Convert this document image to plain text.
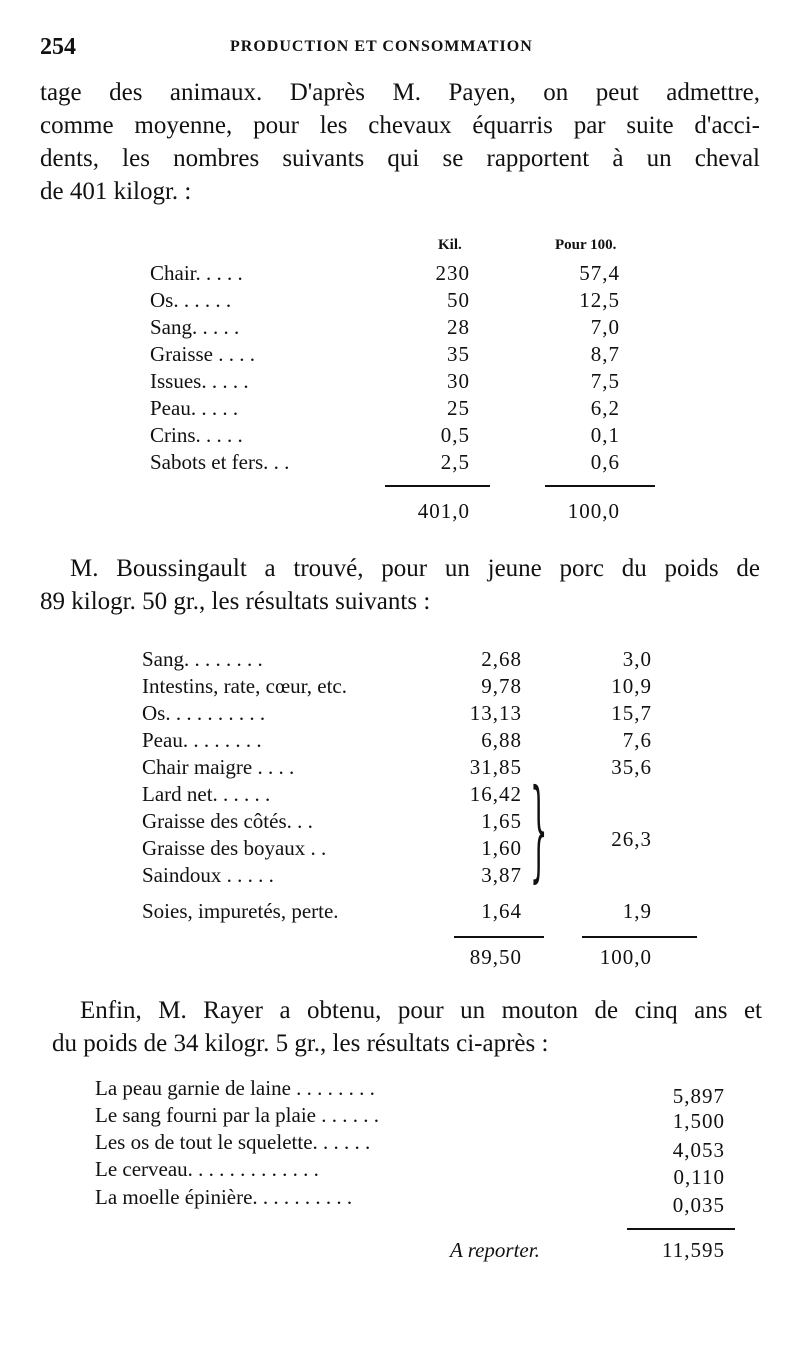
254	PRODUCTION ET CONSOMMATION
tage des animaux. D'après M. Payen, on peut admettre,
comme moyenne, pour les chevaux équarris par suite d'acci-
dents, les nombres suivants qui se rapportent à un cheval
de 401 kilogr. :
Kil.	Pour 100.
Chair. . . . .	230	57,4
Os. . . . . .	50	12,5
Sang. . . . .	28	7,0
Graisse . . . .	35	8,7
Issues. . . . .	30	7,5
Peau. . . . .	25	6,2
Crins. . . . .	0,5	0,1
Sabots et fers. . .	2,5	0,6
401,0	100,0
M. Boussingault a trouvé, pour un jeune porc du poids de
89 kilogr. 50 gr., les résultats suivants :
Sang. . . . . . . .	2,68	3,0
Intestins, rate, cœur, etc.	9,78	10,9
Os. . . . . . . . . .	13,13	15,7
Peau. . . . . . . .	6,88	7,6
Chair maigre . . . .	31,85	35,6
Lard net. . . . . .	16,42
Graisse des côtés. . .	1,65
Graisse des boyaux . .	1,60
Saindoux . . . . .	3,87 }	26,3
Soies, impuretés, perte.	1,64	1,9
89,50	100,0
Enfin, M. Rayer a obtenu, pour un mouton de cinq ans et
du poids de 34 kilogr. 5 gr., les résultats ci-après :
La peau garnie de laine . . . . . . . .	5,897
Le sang fourni par la plaie . . . . . .	1,500
Les os de tout le squelette. . . . . .	4,053
Le cerveau. . . . . . . . . . . . .	0,110
La moelle épinière. . . . . . . . . .	0,035
A reporter.	11,595
